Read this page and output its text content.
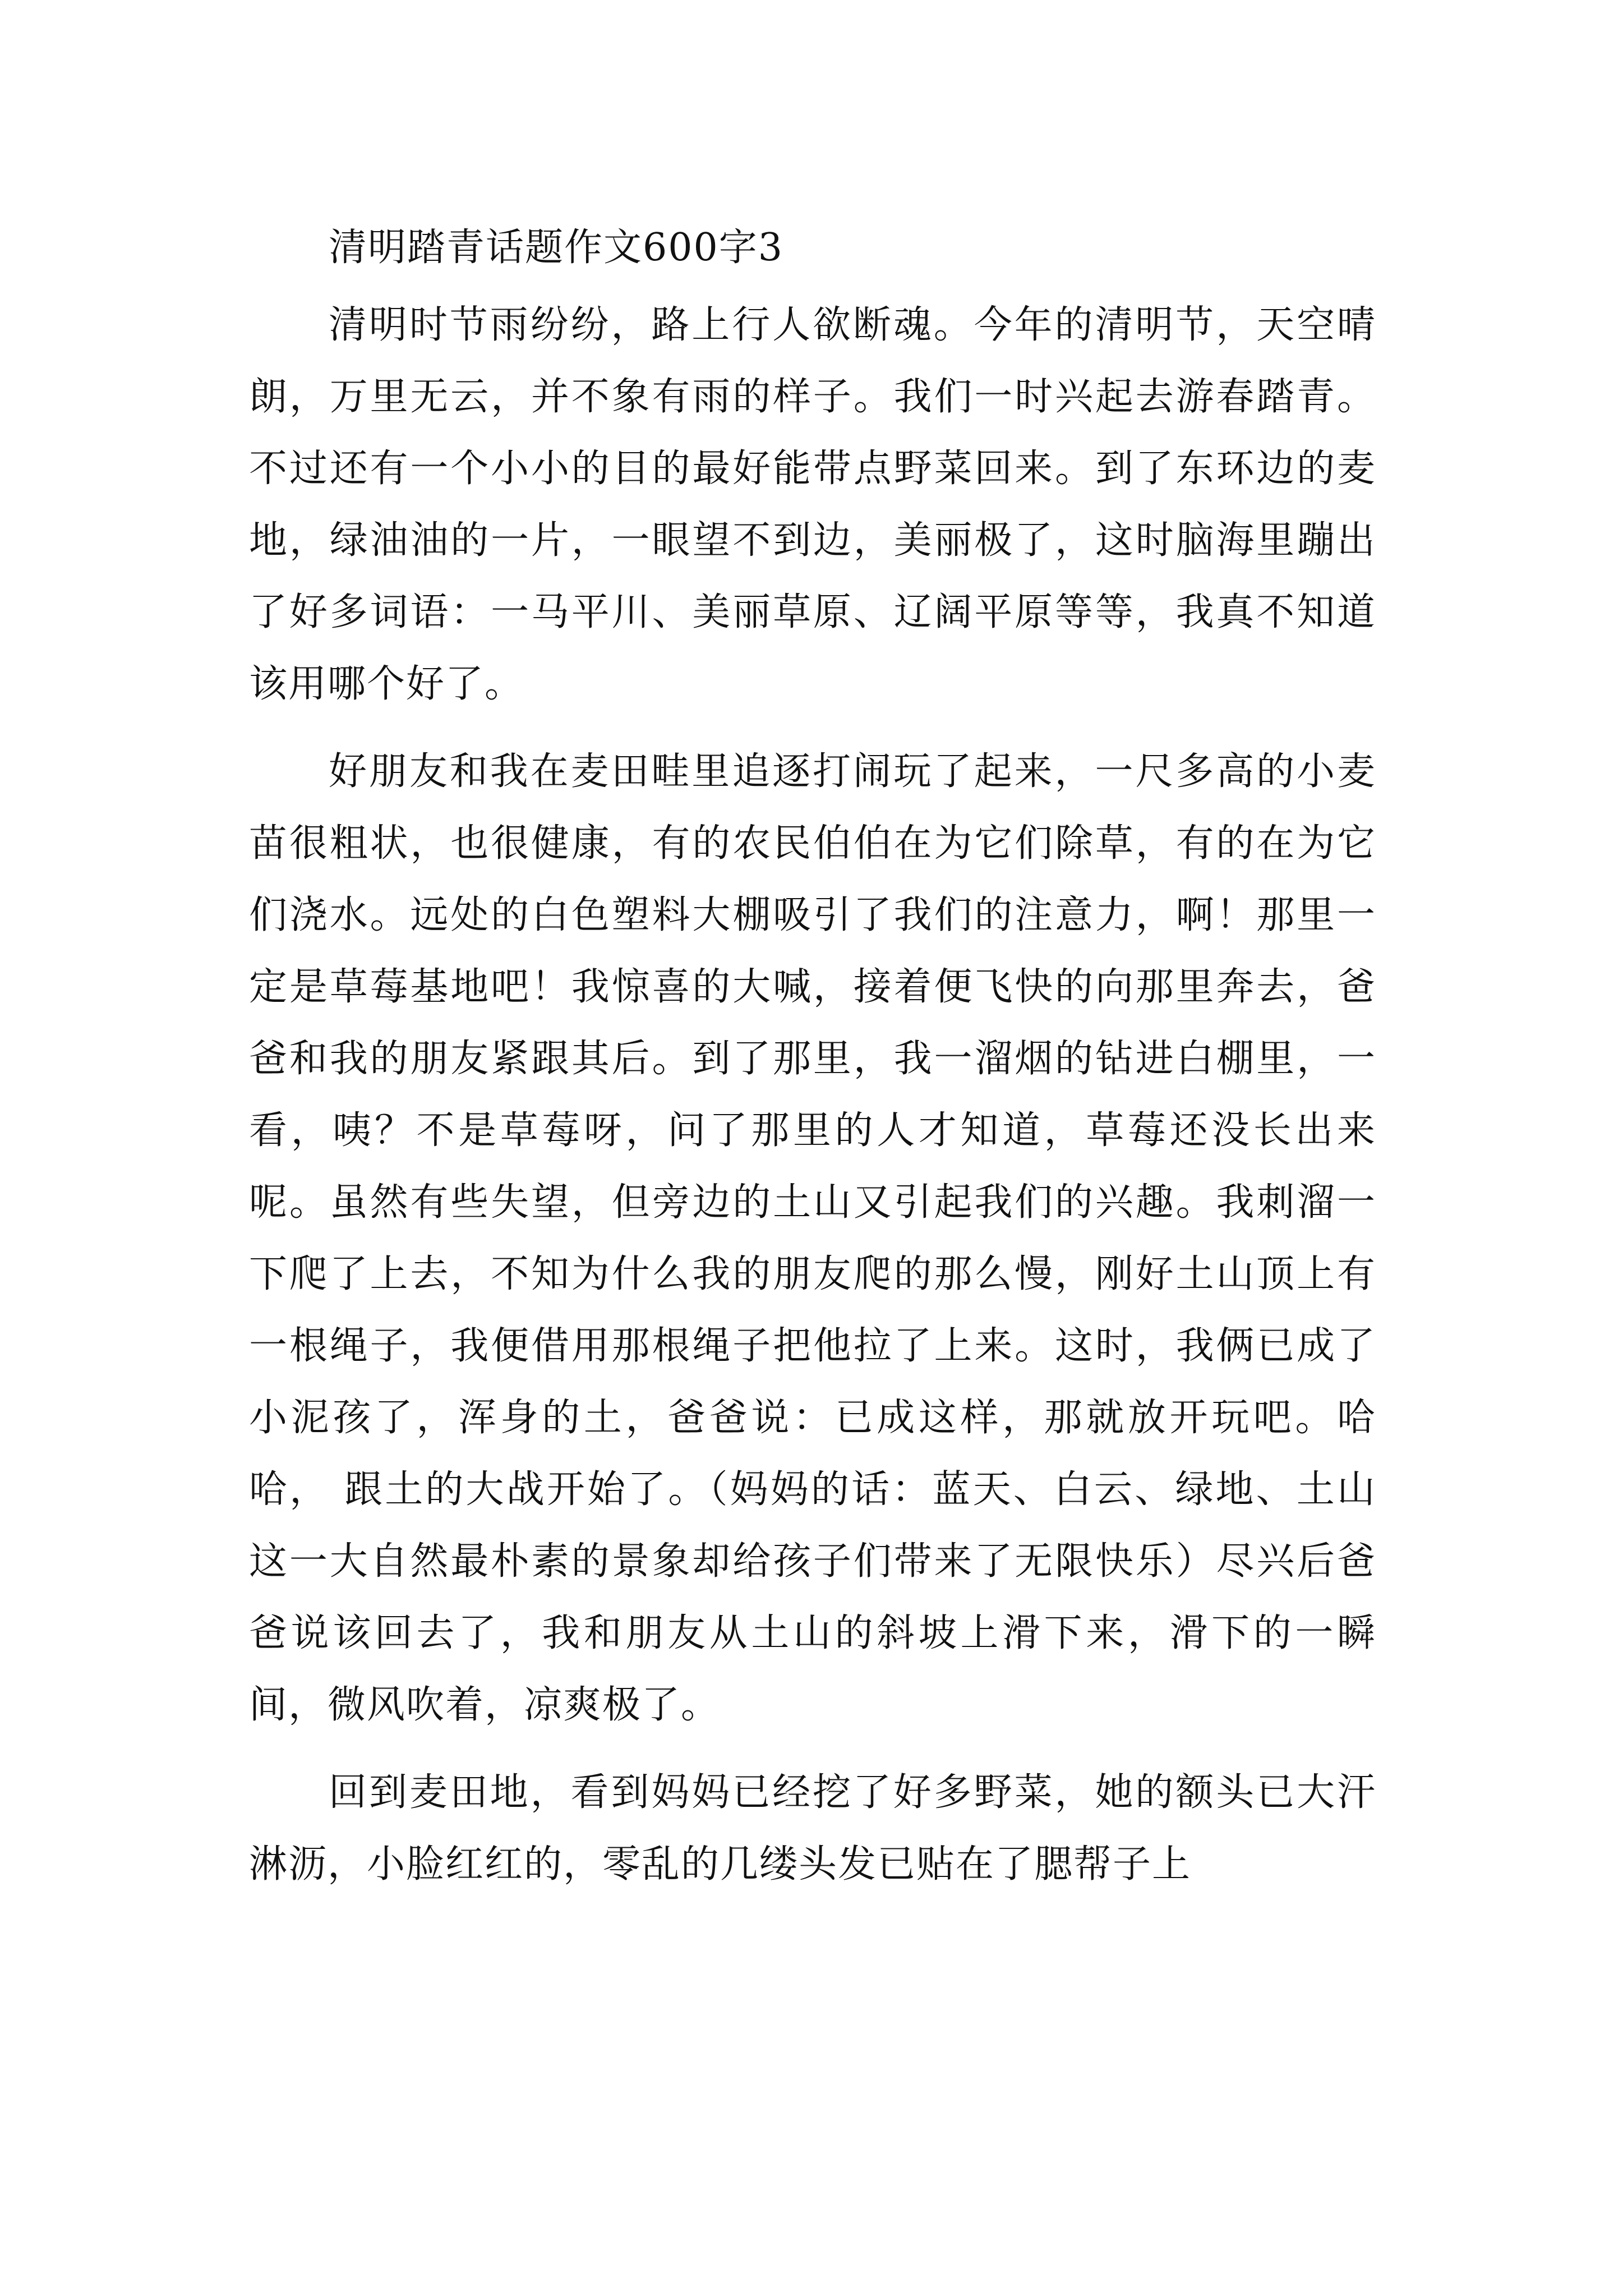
清明踏青话题作文600字3

清明时节雨纷纷，路上行人欲断魂。今年的清明节，天空晴朗，万里无云，并不象有雨的样子。我们一时兴起去游春踏青。不过还有一个小小的目的最好能带点野菜回来。到了东环边的麦地，绿油油的一片，一眼望不到边，美丽极了，这时脑海里蹦出了好多词语：一马平川、美丽草原、辽阔平原等等，我真不知道该用哪个好了。

好朋友和我在麦田畦里追逐打闹玩了起来，一尺多高的小麦苗很粗状，也很健康，有的农民伯伯在为它们除草，有的在为它们浇水。远处的白色塑料大棚吸引了我们的注意力，啊！那里一定是草莓基地吧！我惊喜的大喊，接着便飞快的向那里奔去，爸爸和我的朋友紧跟其后。到了那里，我一溜烟的钻进白棚里，一看，咦？不是草莓呀，问了那里的人才知道，草莓还没长出来呢。虽然有些失望，但旁边的土山又引起我们的兴趣。我刺溜一下爬了上去，不知为什么我的朋友爬的那么慢，刚好土山顶上有一根绳子，我便借用那根绳子把他拉了上来。这时，我俩已成了小泥孩了，浑身的土，爸爸说：已成这样，那就放开玩吧。哈哈， 跟土的大战开始了。（妈妈的话：蓝天、白云、绿地、土山这一大自然最朴素的景象却给孩子们带来了无限快乐）尽兴后爸爸说该回去了，我和朋友从土山的斜坡上滑下来，滑下的一瞬间，微风吹着，凉爽极了。

回到麦田地，看到妈妈已经挖了好多野菜，她的额头已大汗淋沥，小脸红红的，零乱的几缕头发已贴在了腮帮子上
